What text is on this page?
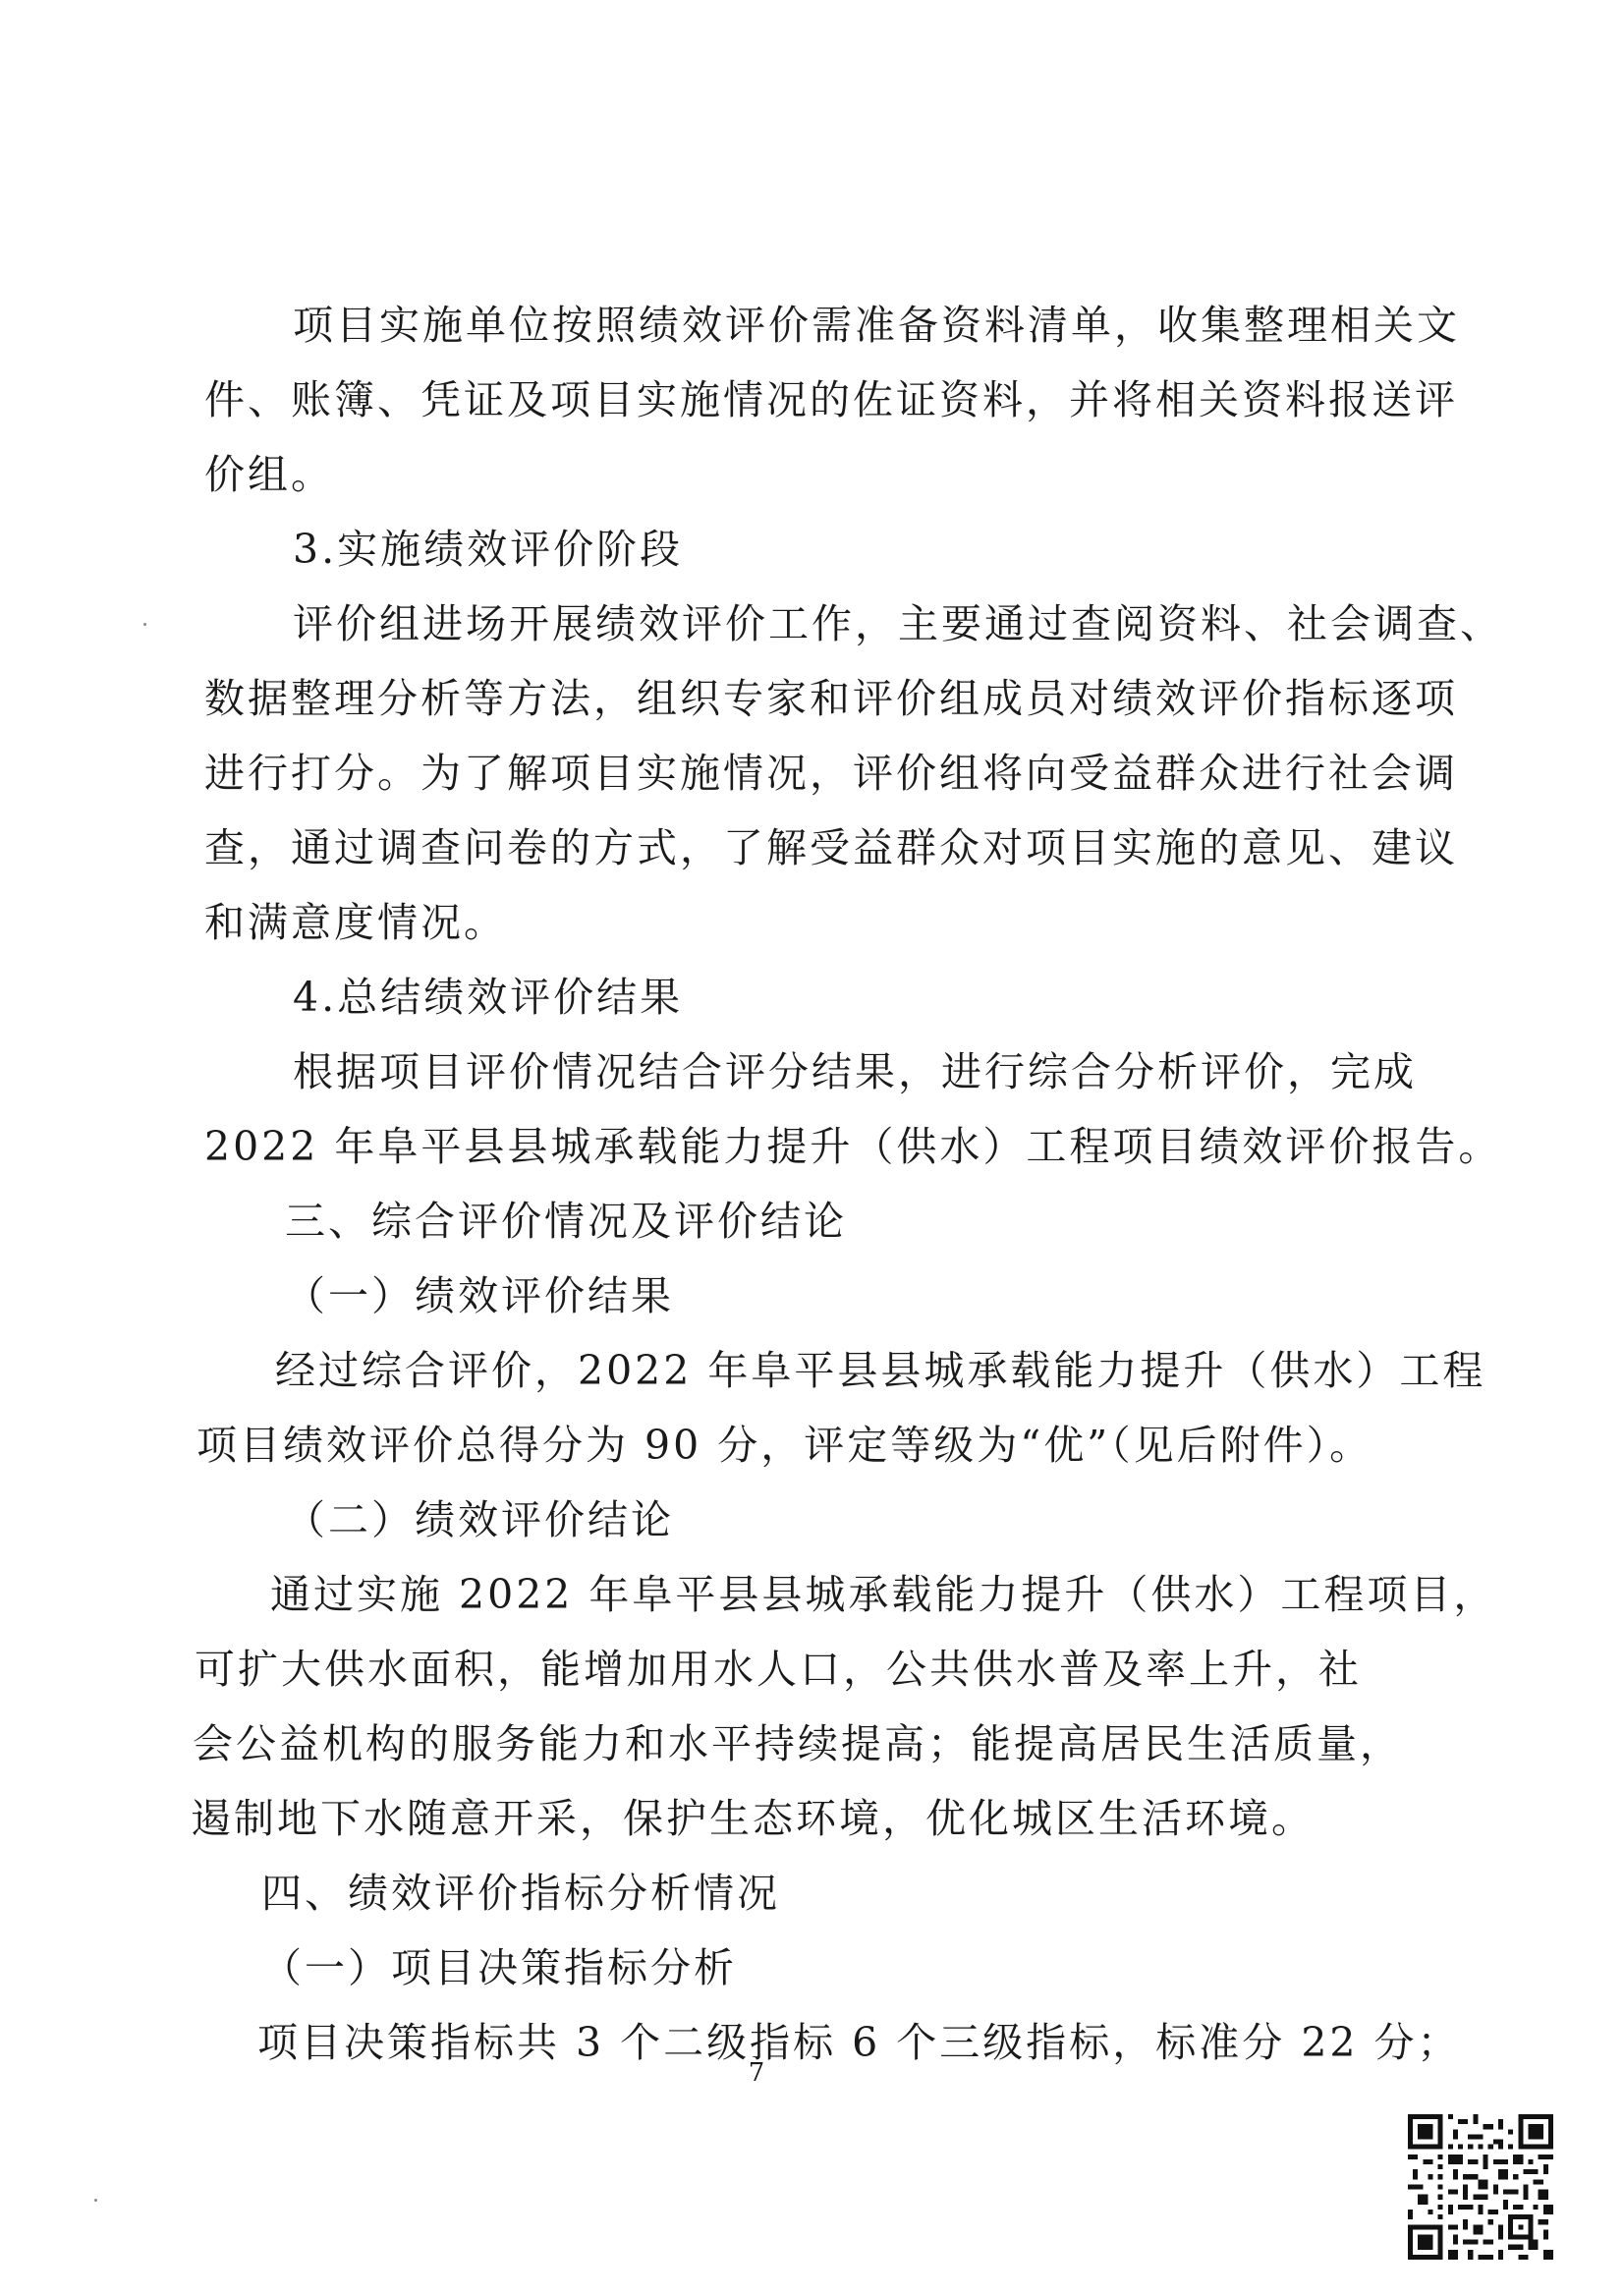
项目实施单位按照绩效评价需准备资料清单，收集整理相关文
件、账簿、凭证及项目实施情况的佐证资料，并将相关资料报送评
价组。
3.实施绩效评价阶段
评价组进场开展绩效评价工作，主要通过查阅资料、社会调查、
数据整理分析等方法，组织专家和评价组成员对绩效评价指标逐项
进行打分。为了解项目实施情况，评价组将向受益群众进行社会调
查，通过调查问卷的方式，了解受益群众对项目实施的意见、建议
和满意度情况。
4.总结绩效评价结果
根据项目评价情况结合评分结果，进行综合分析评价，完成
2022 年阜平县县城承载能力提升（供水）工程项目绩效评价报告。
三、综合评价情况及评价结论
（一）绩效评价结果
经过综合评价，2022 年阜平县县城承载能力提升（供水）工程
项目绩效评价总得分为 90 分，评定等级为“优”（见后附件）。
（二）绩效评价结论
通过实施 2022 年阜平县县城承载能力提升（供水）工程项目，
可扩大供水面积，能增加用水人口，公共供水普及率上升，社
会公益机构的服务能力和水平持续提高；能提高居民生活质量，
遏制地下水随意开采，保护生态环境，优化城区生活环境。
四、绩效评价指标分析情况
（一）项目决策指标分析
项目决策指标共 3 个二级指标 6 个三级指标，标准分 22 分；
7
